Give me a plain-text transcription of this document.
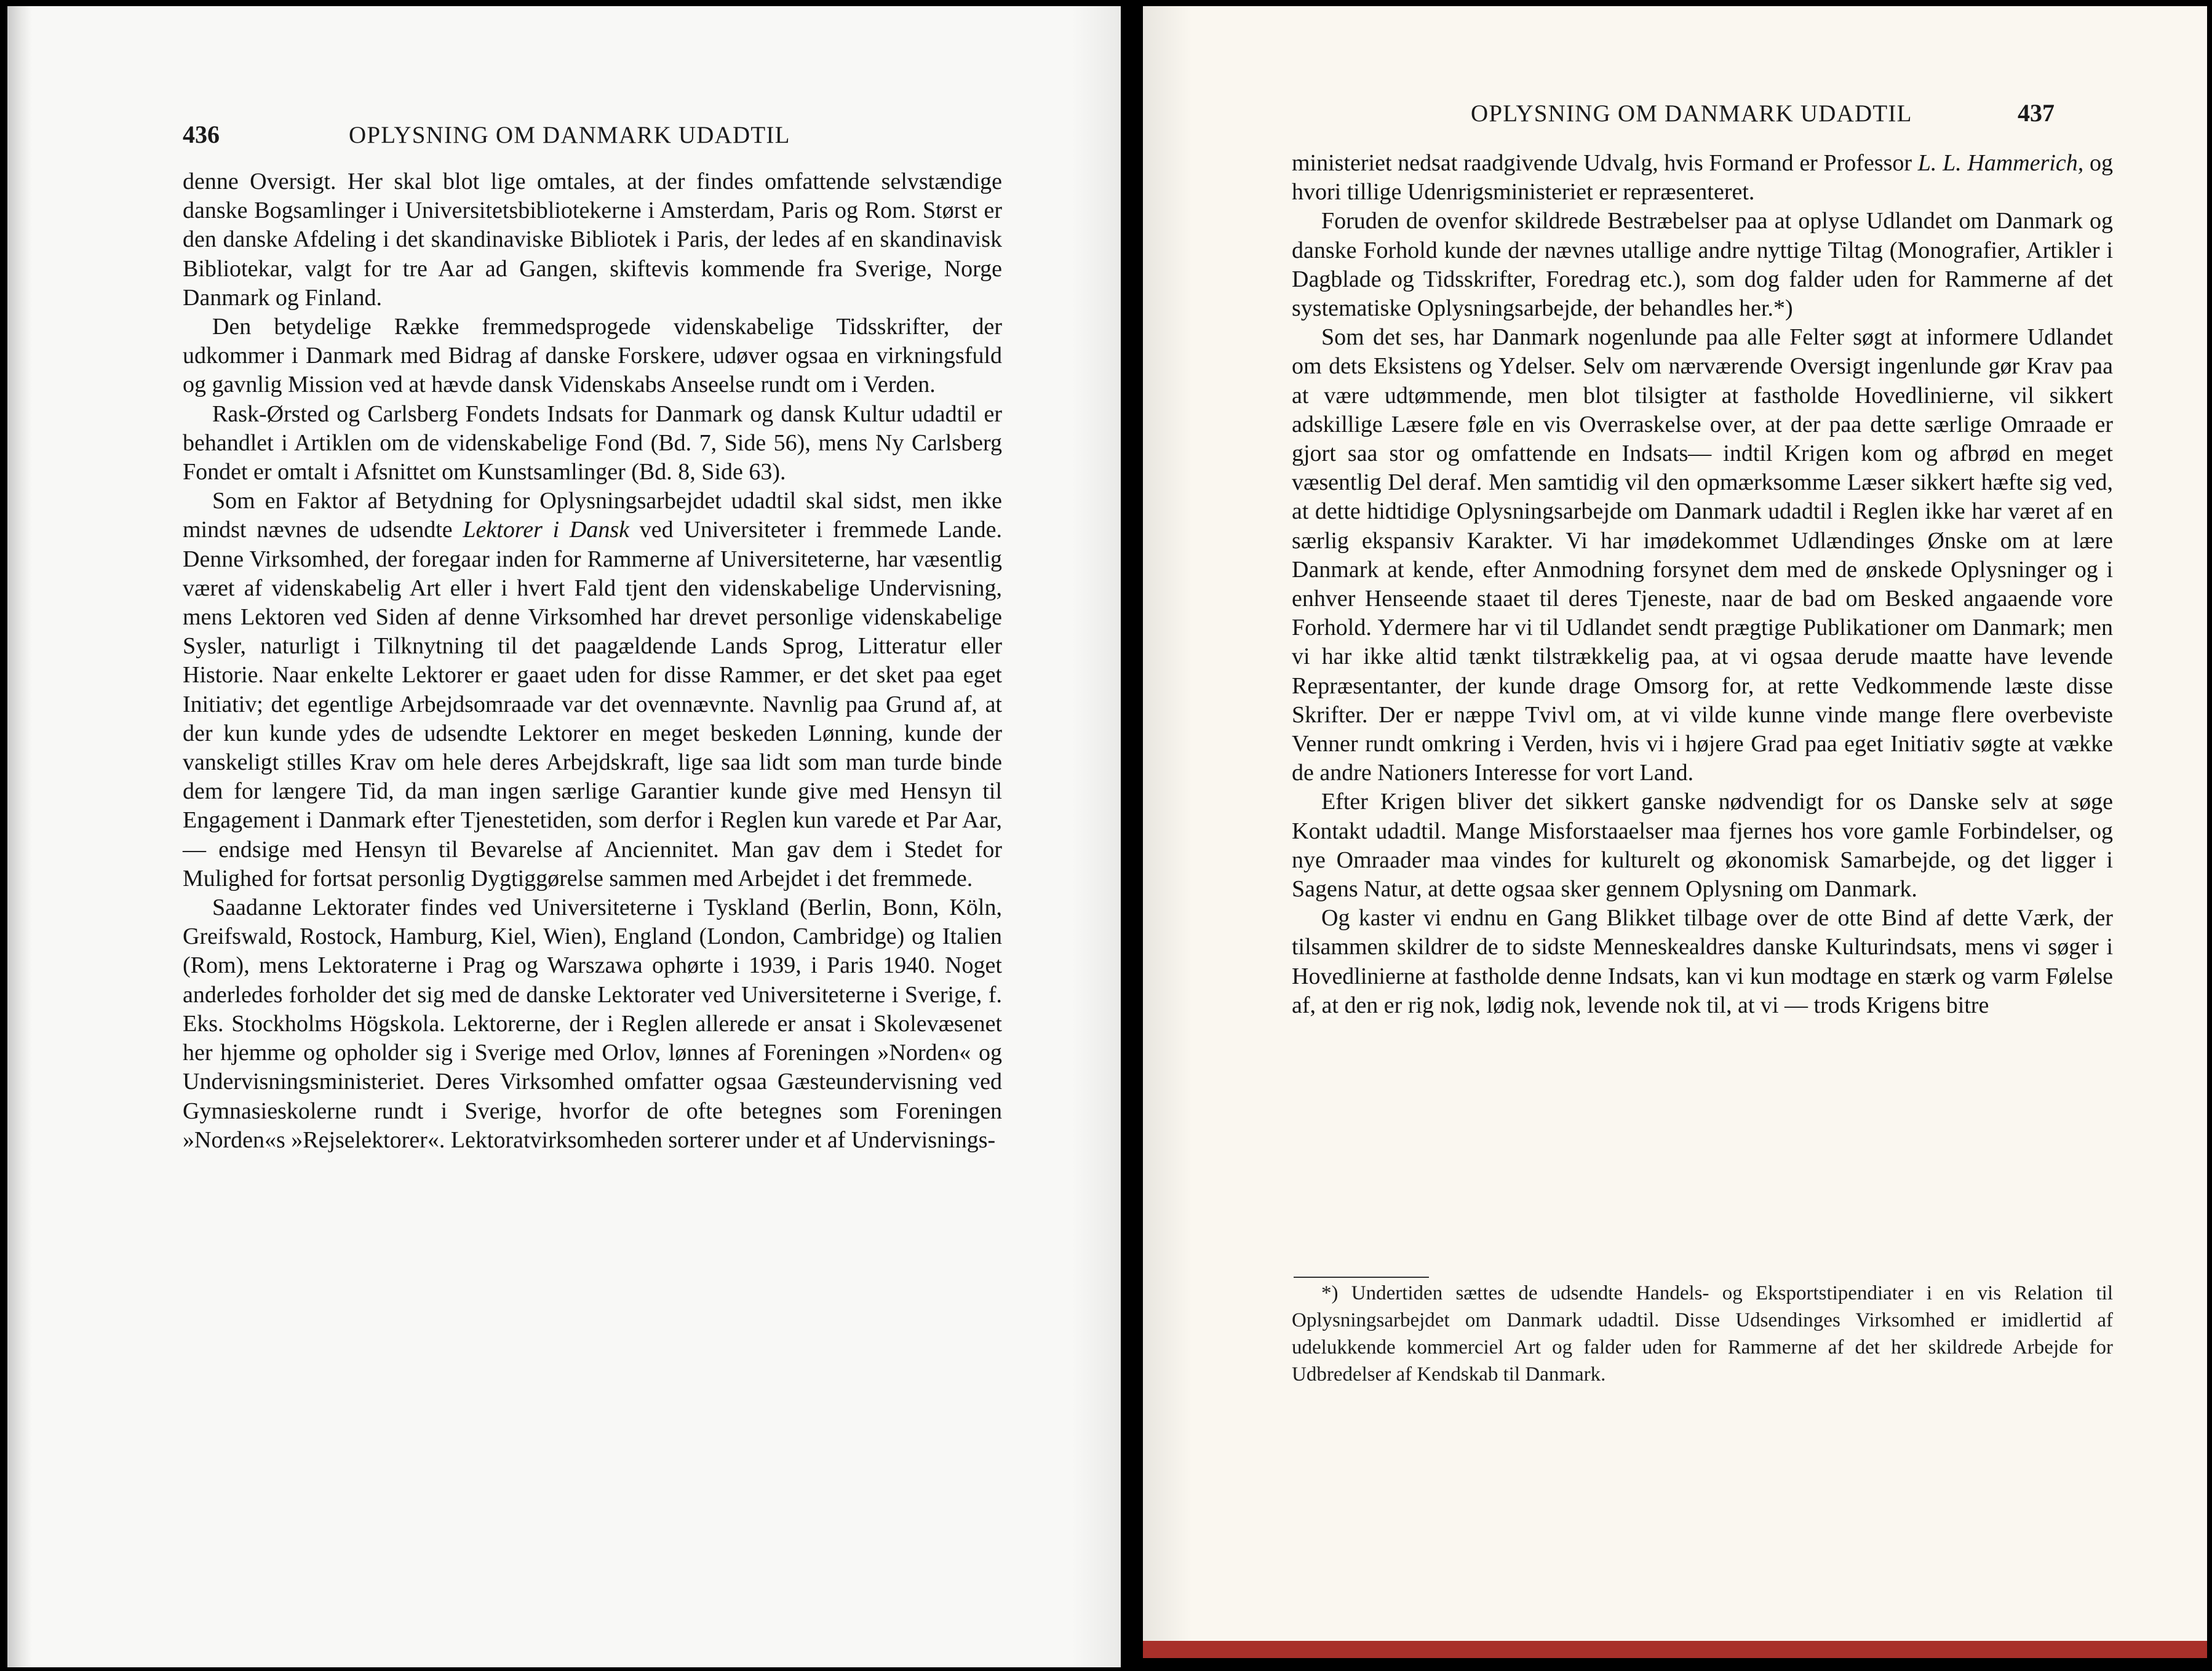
436	OPLYSNING OM DANMARK UDADTIL

denne Oversigt. Her skal blot lige omtales, at der findes omfattende selvstændige danske Bogsamlinger i Universitetsbibliotekerne i Amsterdam, Paris og Rom. Størst er den danske Afdeling i det skandinaviske Bibliotek i Paris, der ledes af en skandinavisk Bibliotekar, valgt for tre Aar ad Gangen, skiftevis kommende fra Sverige, Norge Danmark og Finland.

Den betydelige Række fremmedsprogede videnskabelige Tidsskrifter, der udkommer i Danmark med Bidrag af danske Forskere, udøver ogsaa en virkningsfuld og gavnlig Mission ved at hævde dansk Videnskabs Anseelse rundt om i Verden.

Rask-Ørsted og Carlsberg Fondets Indsats for Danmark og dansk Kultur udadtil er behandlet i Artiklen om de videnskabelige Fond (Bd. 7, Side 56), mens Ny Carlsberg Fondet er omtalt i Afsnittet om Kunstsamlinger (Bd. 8, Side 63).

Som en Faktor af Betydning for Oplysningsarbejdet udadtil skal sidst, men ikke mindst nævnes de udsendte Lektorer i Dansk ved Universiteter i fremmede Lande. Denne Virksomhed, der foregaar inden for Rammerne af Universiteterne, har væsentlig været af videnskabelig Art eller i hvert Fald tjent den videnskabelige Undervisning, mens Lektoren ved Siden af denne Virksomhed har drevet personlige videnskabelige Sysler, naturligt i Tilknytning til det paagældende Lands Sprog, Litteratur eller Historie. Naar enkelte Lektorer er gaaet uden for disse Rammer, er det sket paa eget Initiativ; det egentlige Arbejdsomraade var det ovennævnte. Navnlig paa Grund af, at der kun kunde ydes de udsendte Lektorer en meget beskeden Lønning, kunde der vanskeligt stilles Krav om hele deres Arbejdskraft, lige saa lidt som man turde binde dem for længere Tid, da man ingen særlige Garantier kunde give med Hensyn til Engagement i Danmark efter Tjenestetiden, som derfor i Reglen kun varede et Par Aar, — endsige med Hensyn til Bevarelse af Anciennitet. Man gav dem i Stedet for Mulighed for fortsat personlig Dygtiggørelse sammen med Arbejdet i det fremmede.

Saadanne Lektorater findes ved Universiteterne i Tyskland (Berlin, Bonn, Köln, Greifswald, Rostock, Hamburg, Kiel, Wien), England (London, Cambridge) og Italien (Rom), mens Lektoraterne i Prag og Warszawa ophørte i 1939, i Paris 1940. Noget anderledes forholder det sig med de danske Lektorater ved Universiteterne i Sverige, f. Eks. Stockholms Högskola. Lektorerne, der i Reglen allerede er ansat i Skolevæsenet her hjemme og opholder sig i Sverige med Orlov, lønnes af Foreningen »Norden« og Undervisningsministeriet. Deres Virksomhed omfatter ogsaa Gæsteundervisning ved Gymnasieskolerne rundt i Sverige, hvorfor de ofte betegnes som Foreningen »Norden«s »Rejselektorer«. Lektoratvirksomheden sorterer under et af Undervisnings-

OPLYSNING OM DANMARK UDADTIL	437

ministeriet nedsat raadgivende Udvalg, hvis Formand er Professor L. L. Hammerich, og hvori tillige Udenrigsministeriet er repræsenteret.

Foruden de ovenfor skildrede Bestræbelser paa at oplyse Udlandet om Danmark og danske Forhold kunde der nævnes utallige andre nyttige Tiltag (Monografier, Artikler i Dagblade og Tidsskrifter, Foredrag etc.), som dog falder uden for Rammerne af det systematiske Oplysningsarbejde, der behandles her.*)

Som det ses, har Danmark nogenlunde paa alle Felter søgt at informere Udlandet om dets Eksistens og Ydelser. Selv om nærværende Oversigt ingenlunde gør Krav paa at være udtømmende, men blot tilsigter at fastholde Hovedlinierne, vil sikkert adskillige Læsere føle en vis Overraskelse over, at der paa dette særlige Omraade er gjort saa stor og omfattende en Indsats— indtil Krigen kom og afbrød en meget væsentlig Del deraf. Men samtidig vil den opmærksomme Læser sikkert hæfte sig ved, at dette hidtidige Oplysningsarbejde om Danmark udadtil i Reglen ikke har været af en særlig ekspansiv Karakter. Vi har imødekommet Udlændinges Ønske om at lære Danmark at kende, efter Anmodning forsynet dem med de ønskede Oplysninger og i enhver Henseende staaet til deres Tjeneste, naar de bad om Besked angaaende vore Forhold. Ydermere har vi til Udlandet sendt prægtige Publikationer om Danmark; men vi har ikke altid tænkt tilstrækkelig paa, at vi ogsaa derude maatte have levende Repræsentanter, der kunde drage Omsorg for, at rette Vedkommende læste disse Skrifter. Der er næppe Tvivl om, at vi vilde kunne vinde mange flere overbeviste Venner rundt omkring i Verden, hvis vi i højere Grad paa eget Initiativ søgte at vække de andre Nationers Interesse for vort Land.

Efter Krigen bliver det sikkert ganske nødvendigt for os Danske selv at søge Kontakt udadtil. Mange Misforstaaelser maa fjernes hos vore gamle Forbindelser, og nye Omraader maa vindes for kulturelt og økonomisk Samarbejde, og det ligger i Sagens Natur, at dette ogsaa sker gennem Oplysning om Danmark.

Og kaster vi endnu en Gang Blikket tilbage over de otte Bind af dette Værk, der tilsammen skildrer de to sidste Menneskealdres danske Kulturindsats, mens vi søger i Hovedlinierne at fastholde denne Indsats, kan vi kun modtage en stærk og varm Følelse af, at den er rig nok, lødig nok, levende nok til, at vi — trods Krigens bitre

*) Undertiden sættes de udsendte Handels- og Eksportstipendiater i en vis Relation til Oplysningsarbejdet om Danmark udadtil. Disse Udsendinges Virksomhed er imidlertid af udelukkende kommerciel Art og falder uden for Rammerne af det her skildrede Arbejde for Udbredelser af Kendskab til Danmark.
